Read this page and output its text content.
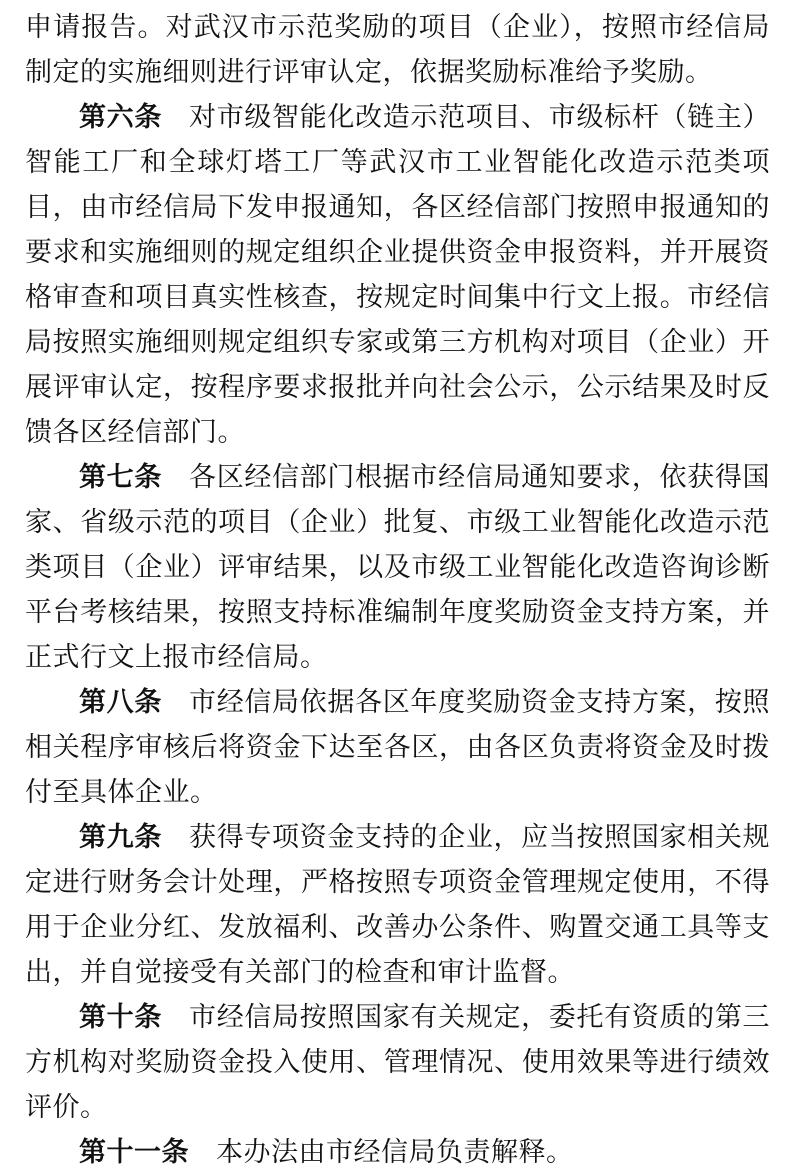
申请报告。对武汉市示范奖励的项目（企业），按照市经信局制定的实施细则进行评审认定，依据奖励标准给予奖励。

第六条 对市级智能化改造示范项目、市级标杆（链主）智能工厂和全球灯塔工厂等武汉市工业智能化改造示范类项目，由市经信局下发申报通知，各区经信部门按照申报通知的要求和实施细则的规定组织企业提供资金申报资料，并开展资格审查和项目真实性核查，按规定时间集中行文上报。市经信局按照实施细则规定组织专家或第三方机构对项目（企业）开展评审认定，按程序要求报批并向社会公示，公示结果及时反馈各区经信部门。

第七条 各区经信部门根据市经信局通知要求，依获得国家、省级示范的项目（企业）批复、市级工业智能化改造示范类项目（企业）评审结果，以及市级工业智能化改造咨询诊断平台考核结果，按照支持标准编制年度奖励资金支持方案，并正式行文上报市经信局。

第八条 市经信局依据各区年度奖励资金支持方案，按照相关程序审核后将资金下达至各区，由各区负责将资金及时拨付至具体企业。

第九条 获得专项资金支持的企业，应当按照国家相关规定进行财务会计处理，严格按照专项资金管理规定使用，不得用于企业分红、发放福利、改善办公条件、购置交通工具等支出，并自觉接受有关部门的检查和审计监督。

第十条 市经信局按照国家有关规定，委托有资质的第三方机构对奖励资金投入使用、管理情况、使用效果等进行绩效评价。

第十一条 本办法由市经信局负责解释。
